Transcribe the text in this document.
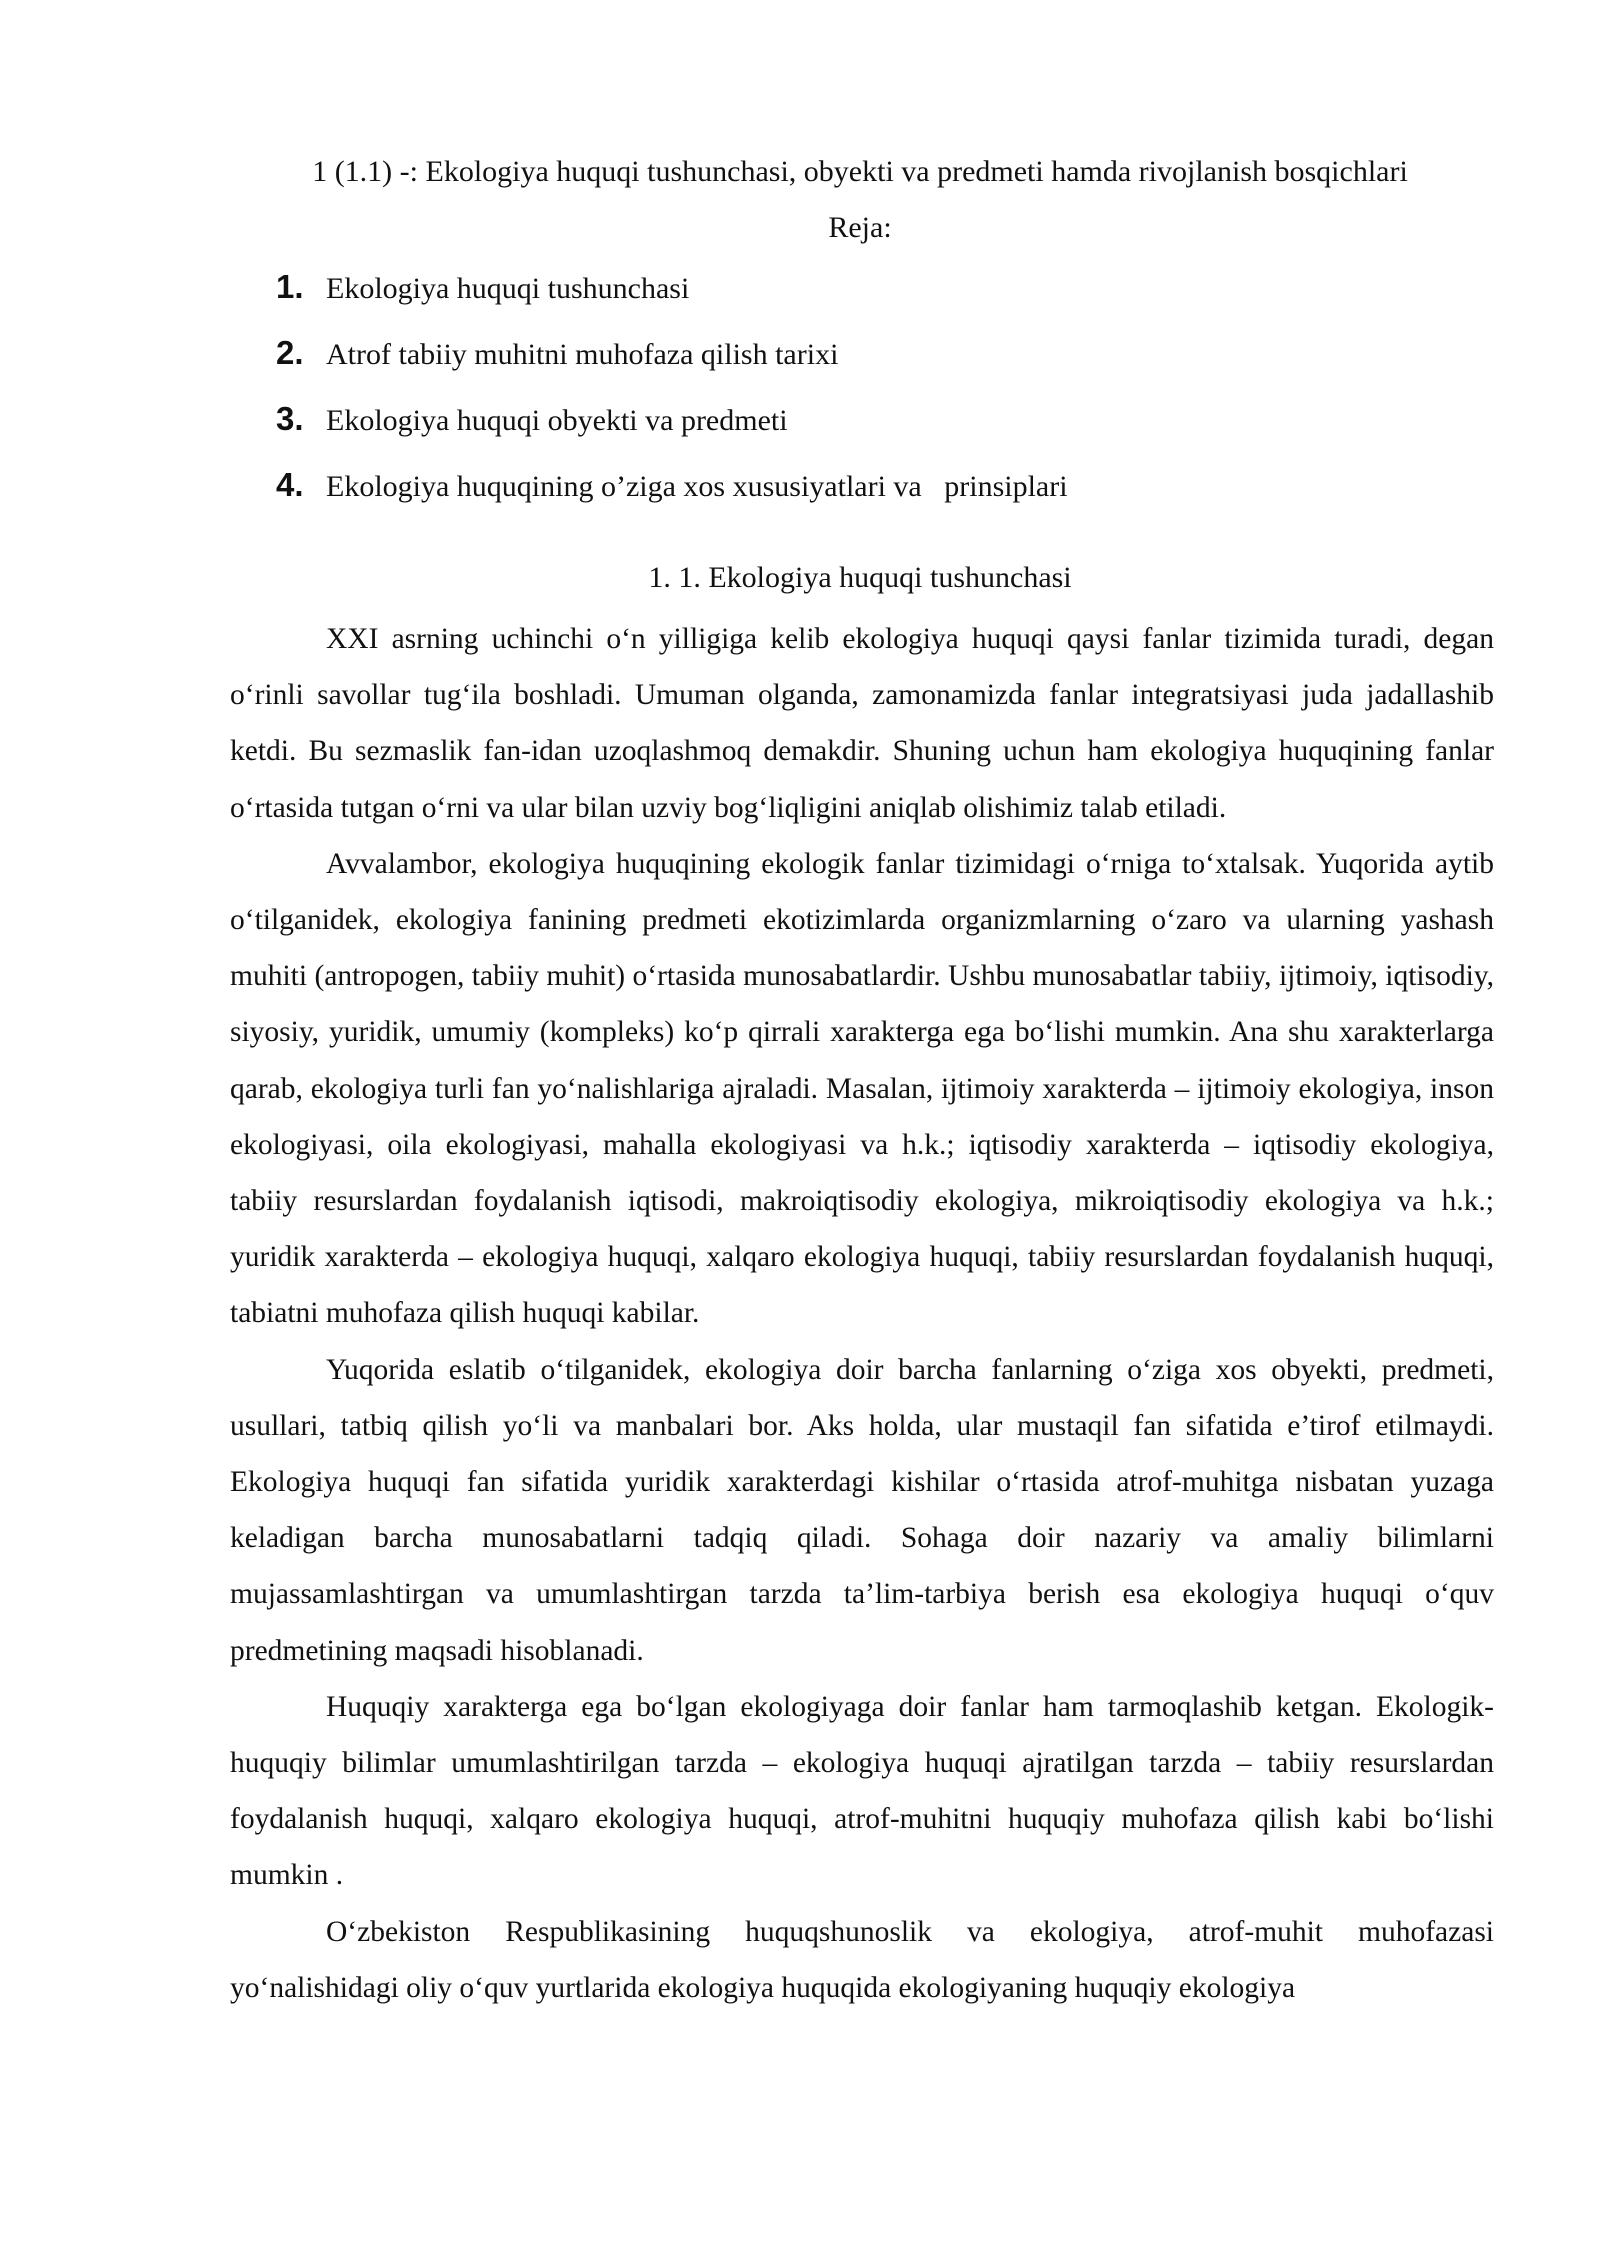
1 (1.1) -: Ekologiya huquqi tushunchasi, obyekti va predmeti hamda rivojlanish bosqichlari
Reja:
1. Ekologiya huquqi tushunchasi
2. Atrof tabiiy muhitni muhofaza qilish tarixi
3. Ekologiya huquqi obyekti va predmeti
4. Ekologiya huquqining o’ziga xos xususiyatlari va   prinsiplari
1. 1. Ekologiya huquqi tushunchasi

XXI asrning uchinchi o‘n yilligiga kelib ekologiya huquqi qaysi fanlar tizimida turadi, degan o‘rinli savollar tug‘ila boshladi. Umuman olganda, zamonamizda fanlar integratsiyasi juda jadallashib ketdi. Bu sezmaslik fan-idan uzoqlashmoq demakdir. Shuning uchun ham ekologiya huquqining fanlar o‘rtasida tutgan o‘rni va ular bilan uzviy bog‘liqligini aniqlab olishimiz talab etiladi.

Avvalambor, ekologiya huquqining ekologik fanlar tizimidagi o‘rniga to‘xtalsak. Yuqorida aytib o‘tilganidek, ekologiya fanining predmeti ekotizimlarda organizmlarning o‘zaro va ularning yashash muhiti (antropogen, tabiiy muhit) o‘rtasida munosabatlardir. Ushbu munosabatlar tabiiy, ijtimoiy, iqtisodiy, siyosiy, yuridik, umumiy (kompleks) ko‘p qirrali xarakterga ega bo‘lishi mumkin. Ana shu xarakterlarga qarab, ekologiya turli fan yo‘nalishlariga ajraladi. Masalan, ijtimoiy xarakterda – ijtimoiy ekologiya, inson ekologiyasi, oila ekologiyasi, mahalla ekologiyasi va h.k.; iqtisodiy xarakterda – iqtisodiy ekologiya, tabiiy resurslardan foydalanish iqtisodi, makroiqtisodiy ekologiya, mikroiqtisodiy ekologiya va h.k.; yuridik xarakterda – ekologiya huquqi, xalqaro ekologiya huquqi, tabiiy resurslardan foydalanish huquqi, tabiatni muhofaza qilish huquqi kabilar.

Yuqorida eslatib o‘tilganidek, ekologiya doir barcha fanlarning o‘ziga xos obyekti, predmeti, usullari, tatbiq qilish yo‘li va manbalari bor. Aks holda, ular mustaqil fan sifatida e’tirof etilmaydi. Ekologiya huquqi fan sifatida yuridik xarakterdagi kishilar o‘rtasida atrof-muhitga nisbatan yuzaga keladigan barcha munosabatlarni tadqiq qiladi. Sohaga doir nazariy va amaliy bilimlarni mujassamlashtirgan va umumlashtirgan tarzda ta’lim-tarbiya berish esa ekologiya huquqi o‘quv predmetining maqsadi hisoblanadi.

Huquqiy xarakterga ega bo‘lgan ekologiyaga doir fanlar ham tarmoqlashib ketgan. Ekologik-huquqiy bilimlar umumlashtirilgan tarzda – ekologiya huquqi ajratilgan tarzda – tabiiy resurslardan foydalanish huquqi, xalqaro ekologiya huquqi, atrof-muhitni huquqiy muhofaza qilish kabi bo‘lishi mumkin .

O‘zbekiston Respublikasining huquqshunoslik va ekologiya, atrof-muhit muhofazasi yo‘nalishidagi oliy o‘quv yurtlarida ekologiya huquqida ekologiyaning huquqiy ekologiya
